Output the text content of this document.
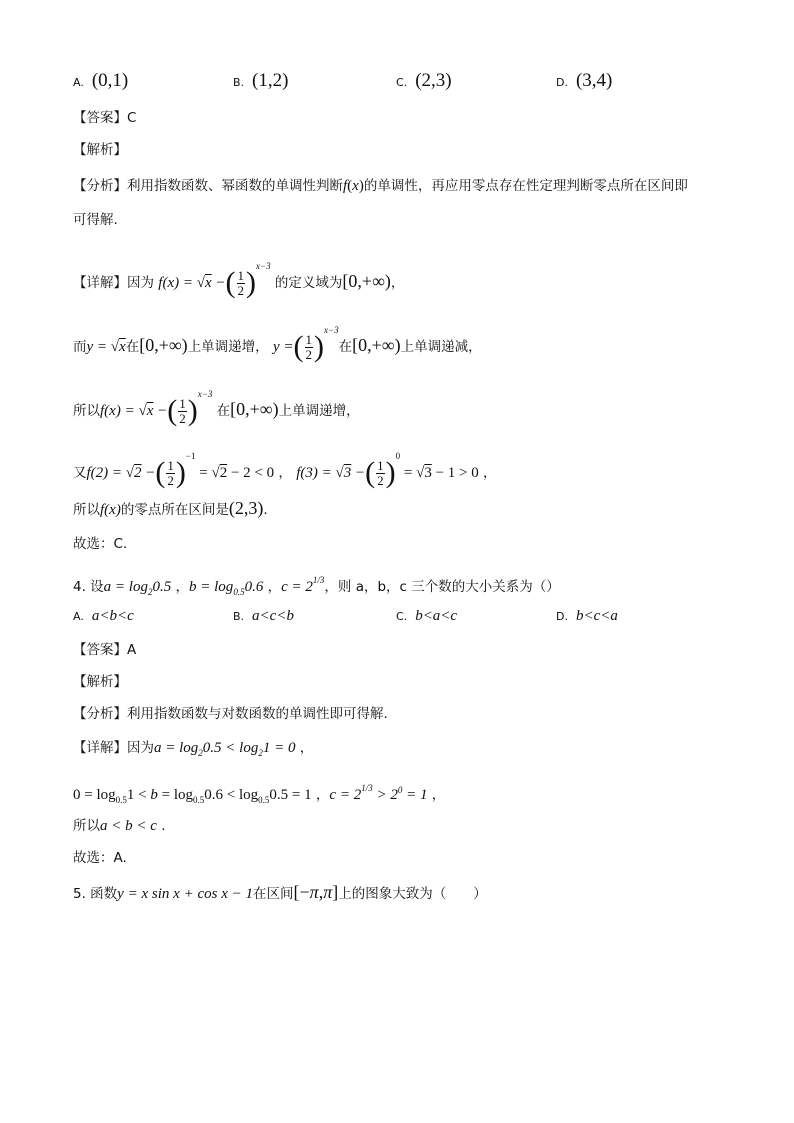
A. (0,1)	B. (1,2)	C. (2,3)	D. (3,4)
【答案】C
【解析】
【分析】利用指数函数、幂函数的单调性判断f(x)的单调性，再应用零点存在性定理判断零点所在区间即
可得解.
【详解】因为 f(x) = √x −( $\frac{1}{2} )^{x-3}$ 的定义域为[0,+∞)，
而y = √x在[0,+∞)上单调递增， y =( $\frac{1}{2} )^{x-3}$在[0,+∞)上单调递减，
所以f(x) = √x −( $\frac{1}{2} )^{x-3}$ 在[0,+∞)上单调递增，
又f(2) = √2 −( $\frac{1}{2} )^{-1} = √2 - 2 < 0$ ， f(3) = √3 −( $\frac{1}{2} )^0 = √3 - 1 > 0$ ，
所以f(x)的零点所在区间是(2,3).
故选：C.
4. 设$a = \log_20.5$ ，$b = \log_{0.5}0.6$ ，$c = 2^{1/3}$，则 a，b，c 三个数的大小关系为（）
A. a<b<c	B. a<c<b	C. b<a<c	D. b<c<a
【答案】A
【解析】
【分析】利用指数函数与对数函数的单调性即可得解.
【详解】因为$a = \log_20.5 < \log_21 = 0$ ，
$0 = \log_{0.5}1 < b = \log_{0.5}0.6 < \log_{0.5}0.5 = 1$ ，$c = 2^{1/3} > 2^0 = 1$ ，
所以a < b < c .
故选：A.
5. 函数y = x sin x + cos x − 1在区间[−π,π]上的图象大致为（　　）
